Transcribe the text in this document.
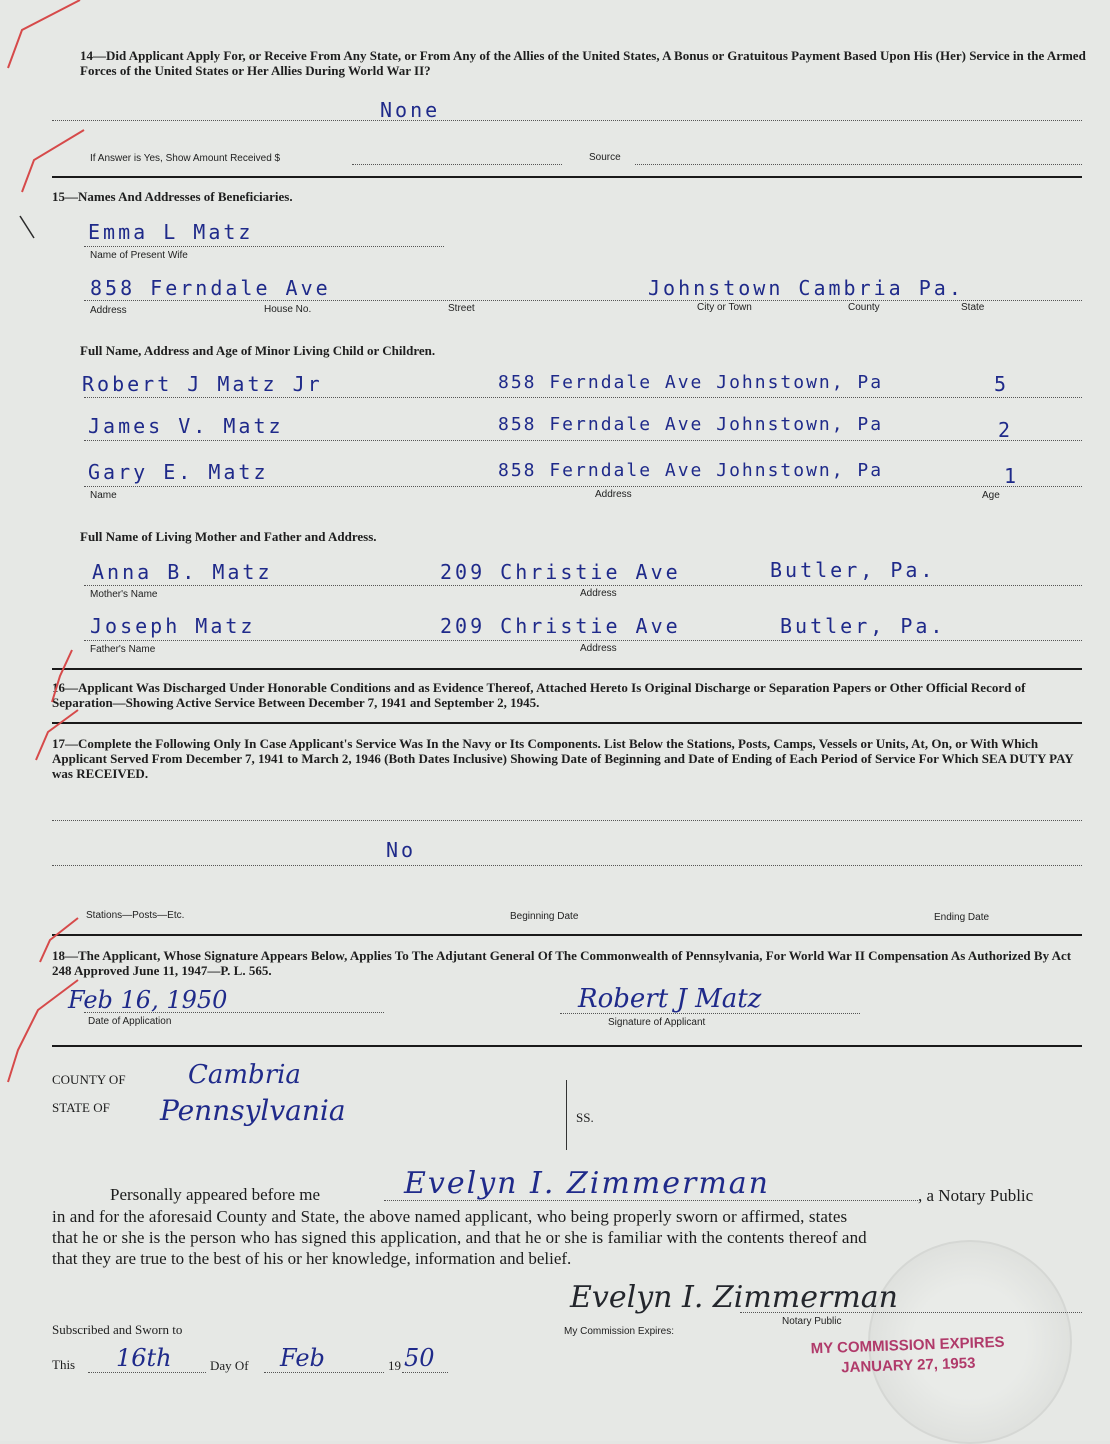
14—Did Applicant Apply For, or Receive From Any State, or From Any of the Allies of the United States, A Bonus or Gratuitous Payment Based Upon His (Her) Service in the Armed Forces of the United States or Her Allies During World War II?
None
If Answer is Yes, Show Amount Received $	Source
15—Names And Addresses of Beneficiaries.
Emma L Matz
Name of Present Wife
858 Ferndale Ave	Johnstown Cambria Pa.
Address	House No.	Street	City or Town	County	State
Full Name, Address and Age of Minor Living Child or Children.
Robert J Matz Jr	858 Ferndale Ave Johnstown, Pa	5
James V. Matz	858 Ferndale Ave Johnstown, Pa	2
Gary E. Matz	858 Ferndale Ave Johnstown, Pa	1
Name	Address	Age
Full Name of Living Mother and Father and Address.
Anna B. Matz	209 Christie Ave	Butler, Pa.
Mother's Name	Address
Joseph Matz	209 Christie Ave	Butler, Pa.
Father's Name	Address
16—Applicant Was Discharged Under Honorable Conditions and as Evidence Thereof, Attached Hereto Is Original Discharge or Separation Papers or Other Official Record of Separation—Showing Active Service Between December 7, 1941 and September 2, 1945.
17—Complete the Following Only In Case Applicant's Service Was In the Navy or Its Components. List Below the Stations, Posts, Camps, Vessels or Units, At, On, or With Which Applicant Served From December 7, 1941 to March 2, 1946 (Both Dates Inclusive) Showing Date of Beginning and Date of Ending of Each Period of Service For Which SEA DUTY PAY was RECEIVED.
No
Stations—Posts—Etc.	Beginning Date	Ending Date
18—The Applicant, Whose Signature Appears Below, Applies To The Adjutant General Of The Commonwealth of Pennsylvania, For World War II Compensation As Authorized By Act 248 Approved June 11, 1947—P. L. 565.
Feb 16, 1950
Date of Application
Robert J Matz
Signature of Applicant
COUNTY OF Cambria
STATE OF Pennsylvania	SS.
Personally appeared before me	Evelyn I. Zimmerman	, a Notary Public
in and for the aforesaid County and State, the above named applicant, who being properly sworn or affirmed, states
that he or she is the person who has signed this application, and that he or she is familiar with the contents thereof and
that they are true to the best of his or her knowledge, information and belief.
Evelyn I. Zimmerman
Notary Public
Subscribed and Sworn to	My Commission Expires:
This 16th	Day Of Feb	19 50	MY COMMISSION EXPIRES
JANUARY 27, 1953
